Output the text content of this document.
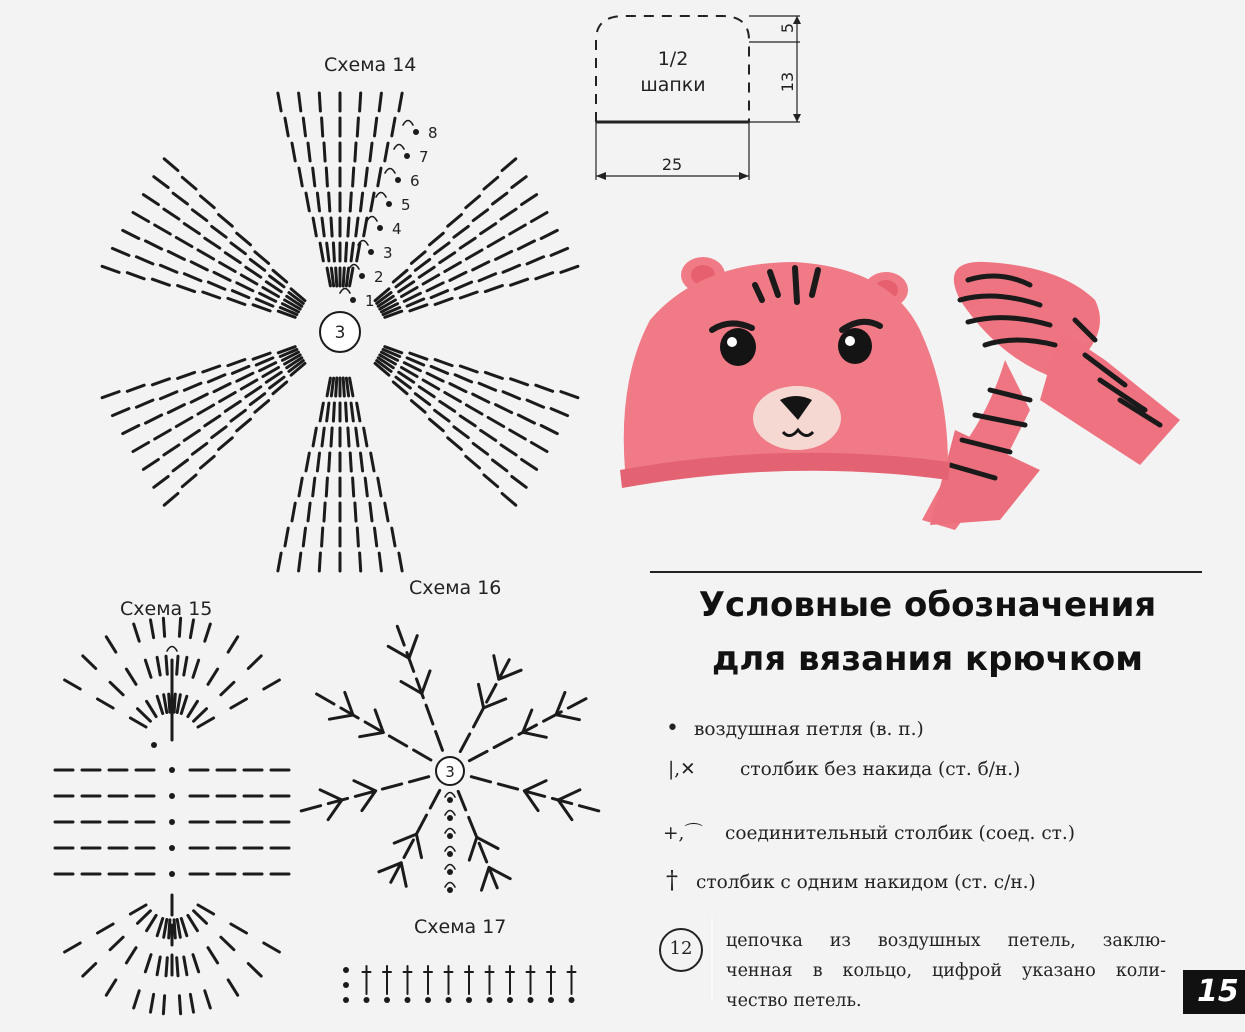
3
1
2
3
4
5
6
7
8
3
1/2
шапки
25
13
5
Схема 14
Схема 15
Схема 16
Схема 17
Условные обозначения
для вязания крючком
• воздушная петля (в. п.)
|,✕ столбик без накида (ст. б/н.)
+,⌒ соединительный столбик (соед. ст.)
† столбик с одним накидом (ст. с/н.)
12	цепочка из воздушных петель, заклю-
ченная в кольцо, цифрой указано коли-
чество петель.	15
